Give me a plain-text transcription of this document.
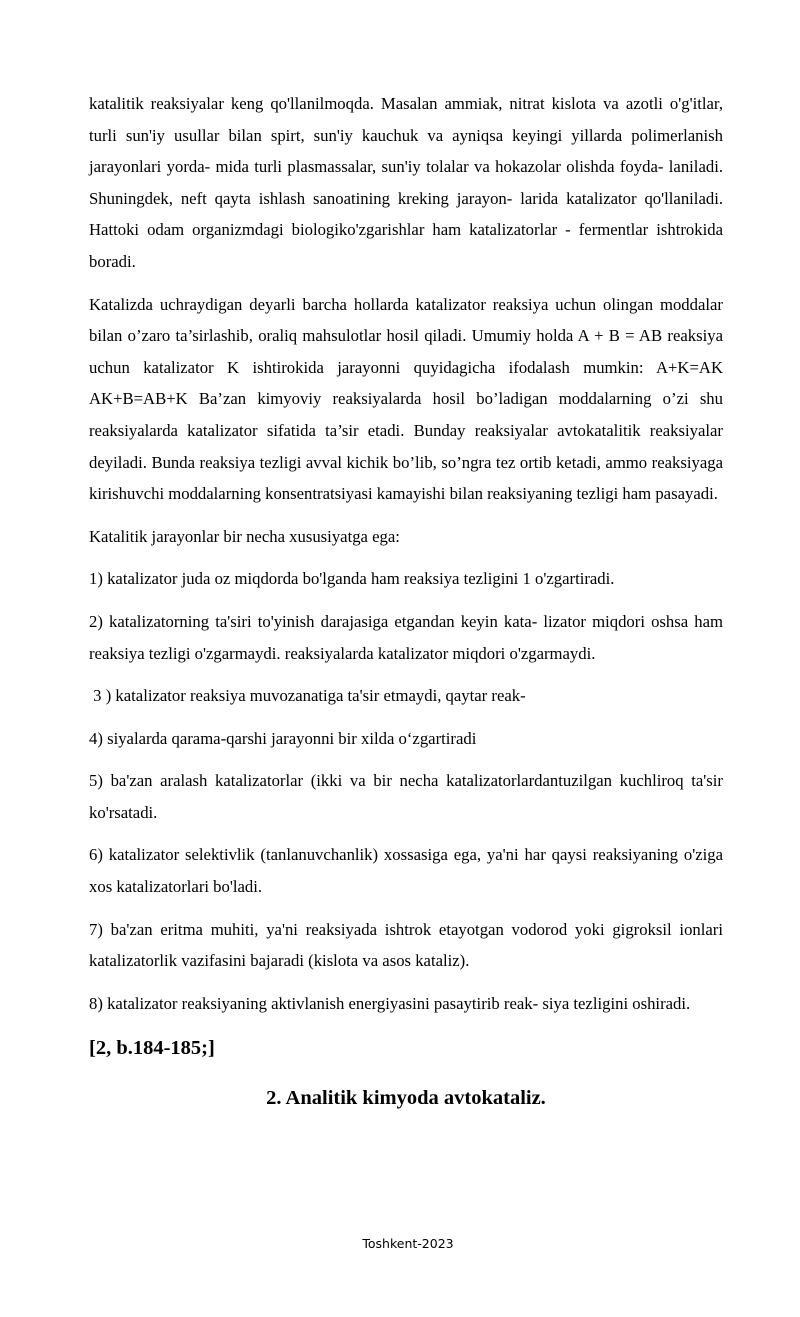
katalitik reaksiyalar keng qo'llanilmoqda. Masalan ammiak, nitrat kislota va azotli o'g'itlar, turli sun'iy usullar bilan spirt, sun'iy kauchuk va ayniqsa keyingi yillarda polimerlanish jarayonlari yorda- mida turli plasmassalar, sun'iy tolalar va hokazolar olishda foyda- laniladi. Shuningdek, neft qayta ishlash sanoatining kreking jarayon- larida katalizator qo'llaniladi. Hattoki odam organizmdagi biologiko'zgarishlar ham katalizatorlar - fermentlar ishtrokida boradi.

Katalizda uchraydigan deyarli barcha hollarda katalizator reaksiya uchun olingan moddalar bilan o’zaro ta’sirlashib, oraliq mahsulotlar hosil qiladi. Umumiy holda A + B = AB reaksiya uchun katalizator K ishtirokida jarayonni quyidagicha ifodalash mumkin: A+K=AK AK+B=AB+K Ba’zan kimyoviy reaksiyalarda hosil bo’ladigan moddalarning o’zi shu reaksiyalarda katalizator sifatida ta’sir etadi. Bunday reaksiyalar avtokatalitik reaksiyalar deyiladi. Bunda reaksiya tezligi avval kichik bo’lib, so’ngra tez ortib ketadi, ammo reaksiyaga kirishuvchi moddalarning konsentratsiyasi kamayishi bilan reaksiyaning tezligi ham pasayadi.

Katalitik jarayonlar bir necha xususiyatga ega:

1) katalizator juda oz miqdorda bo'lganda ham reaksiya tezligini 1 o'zgartiradi.

2) katalizatorning ta'siri to'yinish darajasiga etgandan keyin kata- lizator miqdori oshsa ham reaksiya tezligi o'zgarmaydi. reaksiyalarda katalizator miqdori o'zgarmaydi.

3 ) katalizator reaksiya muvozanatiga ta'sir etmaydi, qaytar reak-

4) siyalarda qarama-qarshi jarayonni bir xilda o‘zgartiradi

5) ba'zan aralash katalizatorlar (ikki va bir necha katalizatorlardantuzilgan kuchliroq ta'sir ko'rsatadi.

6) katalizator selektivlik (tanlanuvchanlik) xossasiga ega, ya'ni har qaysi reaksiyaning o'ziga xos katalizatorlari bo'ladi.

7) ba'zan eritma muhiti, ya'ni reaksiyada ishtrok etayotgan vodorod yoki gigroksil ionlari katalizatorlik vazifasini bajaradi (kislota va asos kataliz).

8) katalizator reaksiyaning aktivlanish energiyasini pasaytirib reak- siya tezligini oshiradi.

[2, b.184-185;]
2. Analitik kimyoda avtokataliz.
Toshkent-2023
